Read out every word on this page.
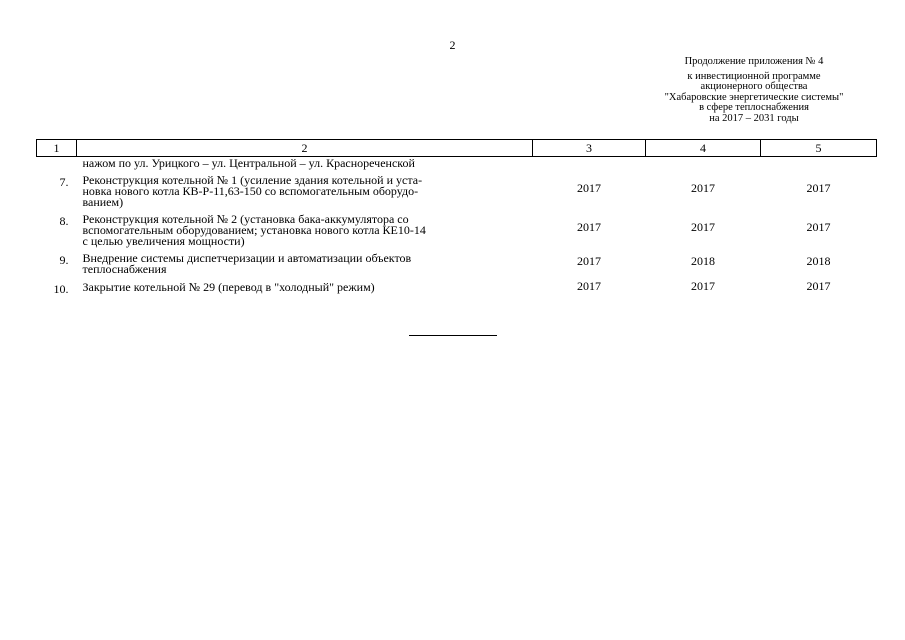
2
Продолжение приложения № 4
к инвестиционной программе
акционерного общества
"Хабаровские энергетические системы"
в сфере теплоснабжения
на 2017 – 2031 годы
1	2	3	4	5
	нажом по ул. Урицкого – ул. Центральной – ул. Краснореченской			
7.	Реконструкция котельной № 1 (усиление здания котельной и уста-
новка нового котла КВ-Р-11,63-150 со вспомогательным оборудо-
ванием)	2017	2017	2017
8.	Реконструкция котельной № 2 (установка бака-аккумулятора со
вспомогательным оборудованием; установка нового котла КЕ10-14
с целью увеличения мощности)	2017	2017	2017
9.	Внедрение системы диспетчеризации и автоматизации объектов
теплоснабжения	2017	2018	2018
10.	Закрытие котельной № 29 (перевод в "холодный" режим)	2017	2017	2017
